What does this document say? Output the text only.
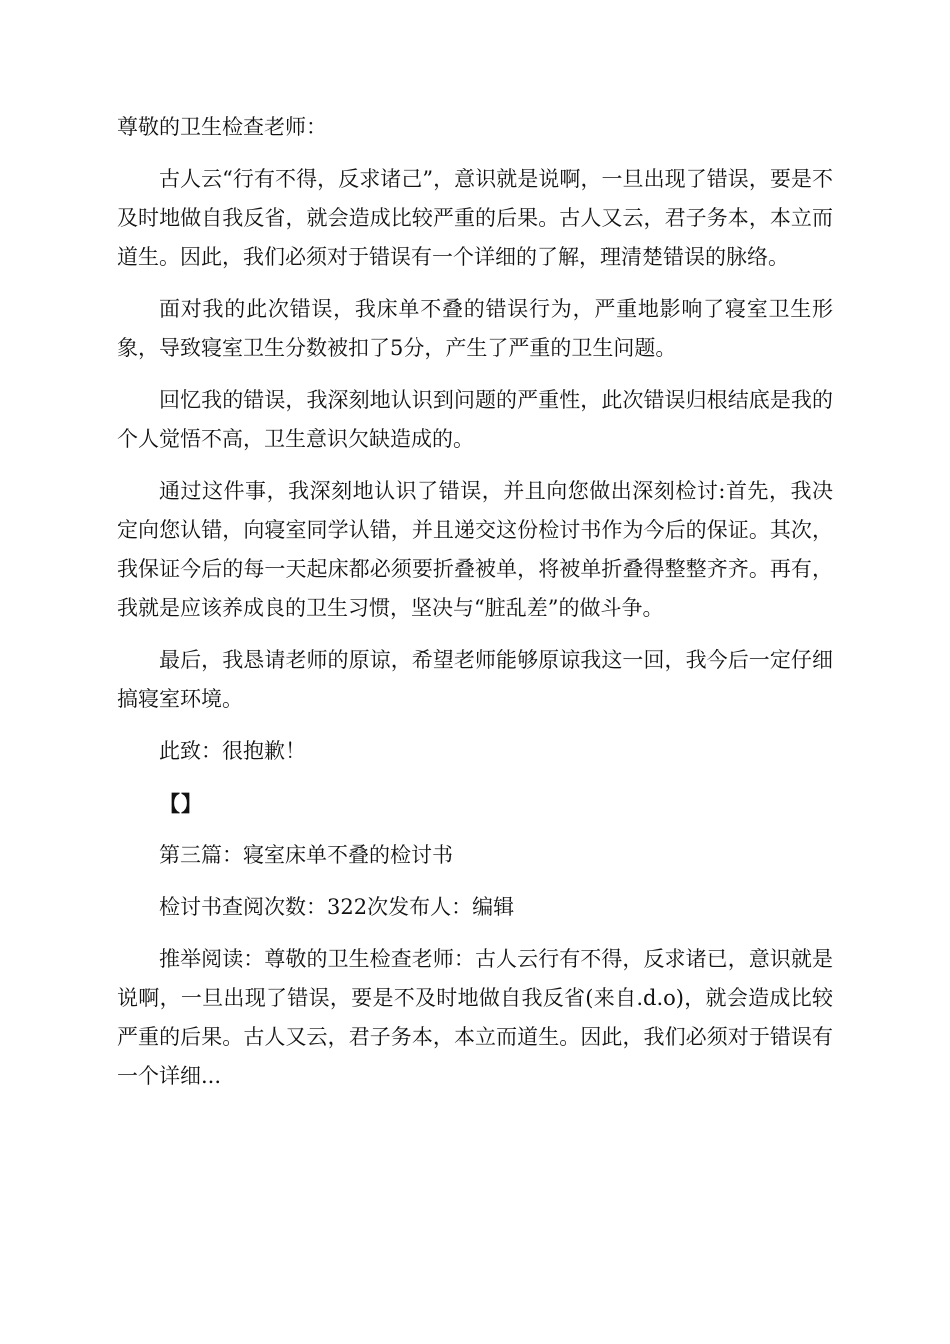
尊敬的卫生检查老师：

古人云“行有不得，反求诸己”，意识就是说啊，一旦出现了错误，要是不及时地做自我反省，就会造成比较严重的后果。古人又云，君子务本，本立而道生。因此，我们必须对于错误有一个详细的了解，理清楚错误的脉络。

面对我的此次错误，我床单不叠的错误行为，严重地影响了寝室卫生形象，导致寝室卫生分数被扣了5分，产生了严重的卫生问题。

回忆我的错误，我深刻地认识到问题的严重性，此次错误归根结底是我的个人觉悟不高，卫生意识欠缺造成的。

通过这件事，我深刻地认识了错误，并且向您做出深刻检讨:首先，我决定向您认错，向寝室同学认错，并且递交这份检讨书作为今后的保证。其次，我保证今后的每一天起床都必须要折叠被单，将被单折叠得整整齐齐。再有，我就是应该养成良的卫生习惯，坚决与“脏乱差”的做斗争。

最后，我恳请老师的原谅，希望老师能够原谅我这一回，我今后一定仔细搞寝室环境。

此致：很抱歉！

【】

第三篇：寝室床单不叠的检讨书

检讨书查阅次数：322次发布人：编辑

推举阅读：尊敬的卫生检查老师：古人云行有不得，反求诸已，意识就是说啊，一旦出现了错误，要是不及时地做自我反省(来自.d.o)，就会造成比较严重的后果。古人又云，君子务本，本立而道生。因此，我们必须对于错误有一个详细...
